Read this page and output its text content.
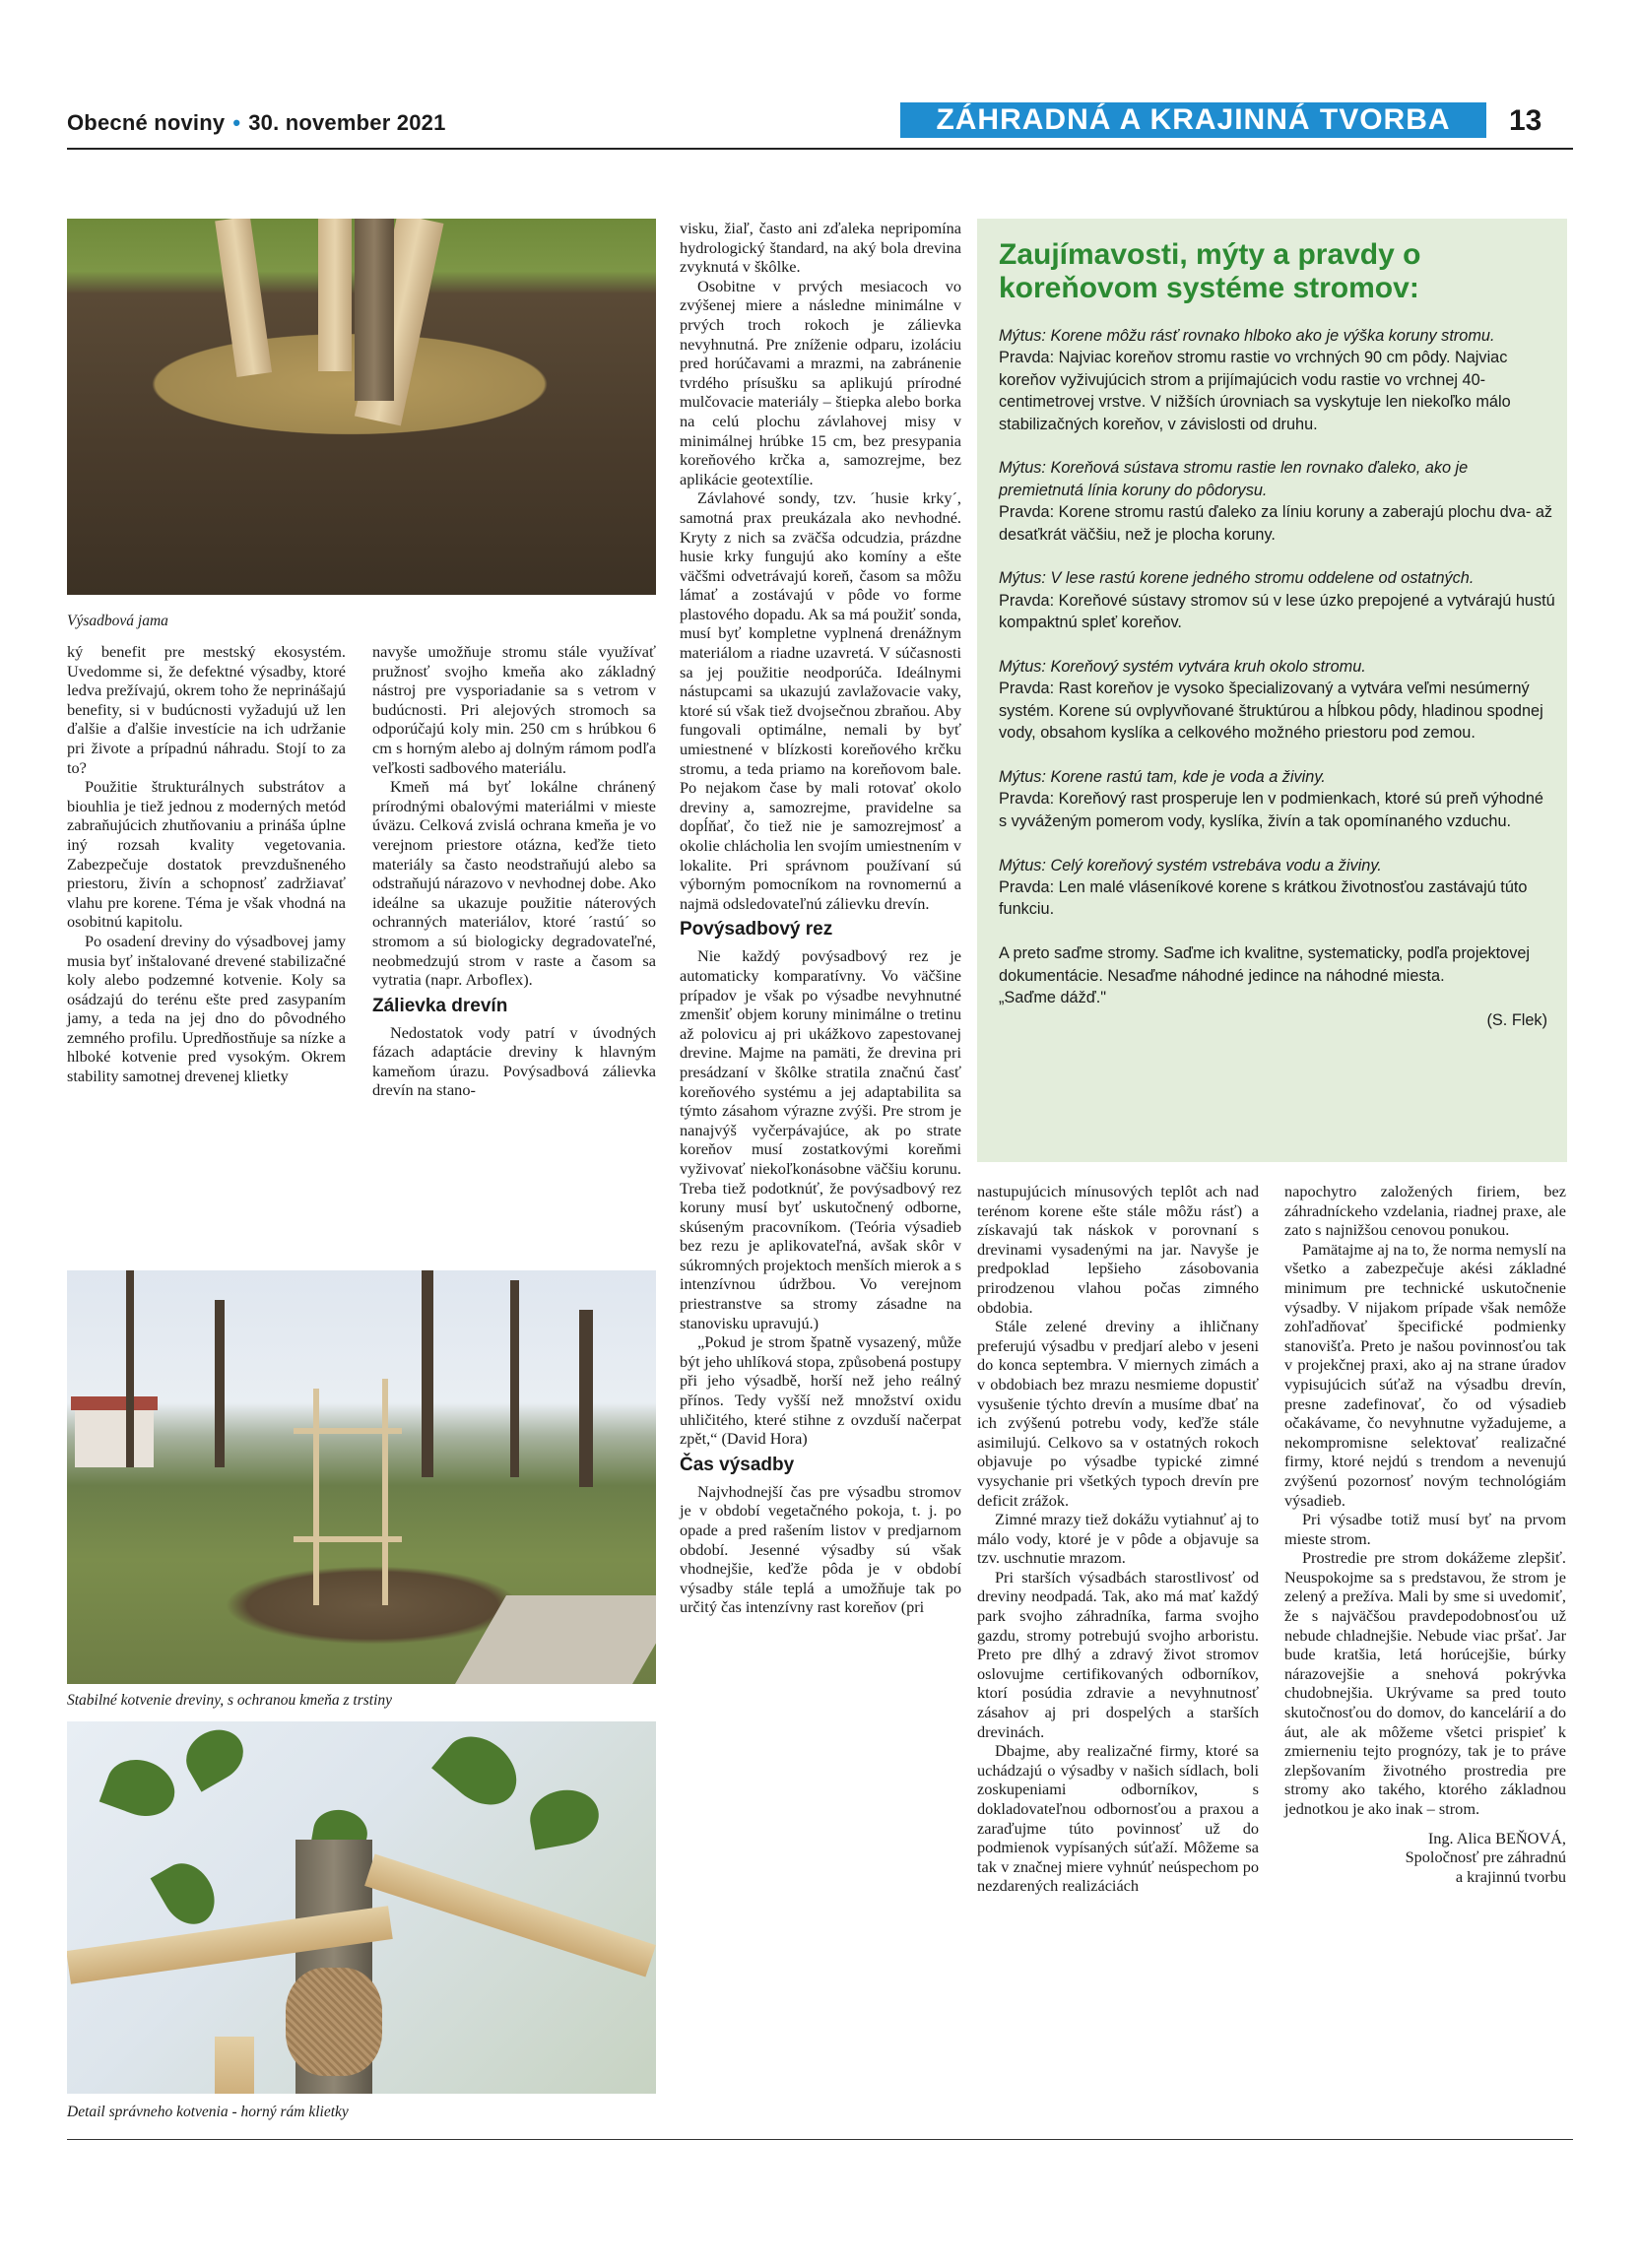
Obecné noviny • 30. november 2021	ZÁHRADNÁ A KRAJINNÁ TVORBA	13
Výsadbová jama

ký benefit pre mestský ekosystém. Uvedomme si, že defektné výsadby, ktoré ledva prežívajú, okrem toho že neprinášajú benefity, si v budúcnosti vyžadujú už len ďalšie a ďalšie investície na ich udržanie pri živote a prípadnú náhradu. Stojí to za to?

Použitie štrukturálnych substrátov a biouhlia je tiež jednou z moderných metód zabraňujúcich zhutňovaniu a prináša úplne iný rozsah kvality vegetovania. Zabezpečuje dostatok prevzdušneného priestoru, živín a schopnosť zadržiavať vlahu pre korene. Téma je však vhodná na osobitnú kapitolu.

Po osadení dreviny do výsadbovej jamy musia byť inštalované drevené stabilizačné koly alebo podzemné kotvenie. Koly sa osádzajú do terénu ešte pred zasypaním jamy, a teda na jej dno do pôvodného zemného profilu. Upredňostňuje sa nízke a hlboké kotvenie pred vysokým. Okrem stability samotnej drevenej klietky

navyše umožňuje stromu stále využívať pružnosť svojho kmeňa ako základný nástroj pre vysporiadanie sa s vetrom v budúcnosti. Pri alejových stromoch sa odporúčajú koly min. 250 cm s hrúbkou 6 cm s horným alebo aj dolným rámom podľa veľkosti sadbového materiálu.

Kmeň má byť lokálne chránený prírodnými obalovými materiálmi v mieste úväzu. Celková zvislá ochrana kmeňa je vo verejnom priestore otázna, keďže tieto materiály sa často neodstraňujú alebo sa odstraňujú nárazovo v nevhodnej dobe. Ako ideálne sa ukazuje použitie náterových ochranných materiálov, ktoré ´rastú´ so stromom a sú biologicky degradovateľné, neobmedzujú strom v raste a časom sa vytratia (napr. Arboflex).

Zálievka drevín

Nedostatok vody patrí v úvodných fázach adaptácie dreviny k hlavným kameňom úrazu. Povýsadbová zálievka drevín na stano-

visku, žiaľ, často ani zďaleka nepripomína hydrologický štandard, na aký bola drevina zvyknutá v škôlke.

Osobitne v prvých mesiacoch vo zvýšenej miere a následne minimálne v prvých troch rokoch je zálievka nevyhnutná. Pre zníženie odparu, izoláciu pred horúčavami a mrazmi, na zabránenie tvrdého prísušku sa aplikujú prírodné mulčovacie materiály – štiepka alebo borka na celú plochu závlahovej misy v minimálnej hrúbke 15 cm, bez presypania koreňového krčka a, samozrejme, bez aplikácie geotextílie.

Závlahové sondy, tzv. ´husie krky´, samotná prax preukázala ako nevhodné. Kryty z nich sa zväčša odcudzia, prázdne husie krky fungujú ako komíny a ešte väčšmi odvetrávajú koreň, časom sa môžu lámať a zostávajú v pôde vo forme plastového dopadu. Ak sa má použiť sonda, musí byť kompletne vyplnená drenážnym materiálom a riadne uzavretá. V súčasnosti sa jej použitie neodporúča. Ideálnymi nástupcami sa ukazujú zavlažovacie vaky, ktoré sú však tiež dvojsečnou zbraňou. Aby fungovali optimálne, nemali by byť umiestnené v blízkosti koreňového krčku stromu, a teda priamo na koreňovom bale. Po nejakom čase by mali rotovať okolo dreviny a, samozrejme, pravidelne sa dopĺňať, čo tiež nie je samozrejmosť a okolie chlácholia len svojím umiestnením v lokalite. Pri správnom používaní sú výborným pomocníkom na rovnomernú a najmä odsledovateľnú zálievku drevín.

Povýsadbový rez

Nie každý povýsadbový rez je automaticky komparatívny. Vo väčšine prípadov je však po výsadbe nevyhnutné zmenšiť objem koruny minimálne o tretinu až polovicu aj pri ukážkovo zapestovanej drevine. Majme na pamäti, že drevina pri presádzaní v škôlke stratila značnú časť koreňového systému a jej adaptabilita sa týmto zásahom výrazne zvýši. Pre strom je nanajvýš vyčerpávajúce, ak po strate koreňov musí zostatkovými koreňmi vyživovať niekoľkonásobne väčšiu korunu. Treba tiež podotknúť, že povýsadbový rez koruny musí byť uskutočnený odborne, skúseným pracovníkom. (Teória výsadieb bez rezu je aplikovateľná, avšak skôr v súkromných projektoch menších mierok a s intenzívnou údržbou. Vo verejnom priestranstve sa stromy zásadne na stanovisku upravujú.)

„Pokud je strom špatně vysazený, může být jeho uhlíková stopa, způsobená postupy při jeho výsadbě, horší než jeho reálný přínos. Tedy vyšší než množství oxidu uhličitého, které stihne z ovzduší načerpat zpět,“ (David Hora)

Čas výsadby

Najvhodnejší čas pre výsadbu stromov je v období vegetačného pokoja, t. j. po opade a pred rašením listov v predjarnom období. Jesenné výsadby sú však vhodnejšie, keďže pôda je v období výsadby stále teplá a umožňuje tak po určitý čas intenzívny rast koreňov (pri

Stabilné kotvenie dreviny, s ochranou kmeňa z trstiny
Detail správneho kotvenia - horný rám klietky
Zaujímavosti, mýty a pravdy o koreňovom systéme stromov:
Mýtus: Korene môžu rásť rovnako hlboko ako je výška koruny stromu.
Pravda: Najviac koreňov stromu rastie vo vrchných 90 cm pôdy. Najviac koreňov vyživujúcich strom a prijímajúcich vodu rastie vo vrchnej 40-centimetrovej vrstve. V nižších úrovniach sa vyskytuje len niekoľko málo stabilizačných koreňov, v závislosti od druhu.
Mýtus: Koreňová sústava stromu rastie len rovnako ďaleko, ako je premietnutá línia koruny do pôdorysu.
Pravda: Korene stromu rastú ďaleko za líniu koruny a zaberajú plochu dva- až desaťkrát väčšiu, než je plocha koruny.
Mýtus: V lese rastú korene jedného stromu oddelene od ostatných.
Pravda: Koreňové sústavy stromov sú v lese úzko prepojené a vytvárajú hustú kompaktnú spleť koreňov.
Mýtus: Koreňový systém vytvára kruh okolo stromu.
Pravda: Rast koreňov je vysoko špecializovaný a vytvára veľmi nesúmerný systém. Korene sú ovplyvňované štruktúrou a hĺbkou pôdy, hladinou spodnej vody, obsahom kyslíka a celkového možného priestoru pod zemou.
Mýtus: Korene rastú tam, kde je voda a živiny.
Pravda: Koreňový rast prosperuje len v podmienkach, ktoré sú preň výhodné s vyváženým pomerom vody, kyslíka, živín a tak opomínaného vzduchu.
Mýtus: Celý koreňový systém vstrebáva vodu a živiny.
Pravda: Len malé vláseníkové korene s krátkou životnosťou zastávajú túto funkciu.
A preto saďme stromy. Saďme ich kvalitne, systematicky, podľa projektovej dokumentácie. Nesaďme náhodné jedince na náhodné miesta.
„Saďme dážď."
(S. Flek)

nastupujúcich mínusových teplôt ach nad terénom korene ešte stále môžu rásť) a získavajú tak náskok v porovnaní s drevinami vysadenými na jar. Navyše je predpoklad lepšieho zásobovania prirodzenou vlahou počas zimného obdobia.

Stále zelené dreviny a ihličnany preferujú výsadbu v predjarí alebo v jeseni do konca septembra. V miernych zimách a v obdobiach bez mrazu nesmieme dopustiť vysušenie týchto drevín a musíme dbať na ich zvýšenú potrebu vody, keďže stále asimilujú. Celkovo sa v ostatných rokoch objavuje po výsadbe typické zimné vysychanie pri všetkých typoch drevín pre deficit zrážok.

Zimné mrazy tiež dokážu vytiahnuť aj to málo vody, ktoré je v pôde a objavuje sa tzv. uschnutie mrazom.

Pri starších výsadbách starostlivosť od dreviny neodpadá. Tak, ako má mať každý park svojho záhradníka, farma svojho gazdu, stromy potrebujú svojho arboristu. Preto pre dlhý a zdravý život stromov oslovujme certifikovaných odborníkov, ktorí posúdia zdravie a nevyhnutnosť zásahov aj pri dospelých a starších drevinách.

Dbajme, aby realizačné firmy, ktoré sa uchádzajú o výsadby v našich sídlach, boli zoskupeniami odborníkov, s dokladovateľnou odbornosťou a praxou a zaraďujme túto povinnosť už do podmienok vypísaných súťaží. Môžeme sa tak v značnej miere vyhnúť neúspechom po nezdarených realizáciách

napochytro založených firiem, bez záhradníckeho vzdelania, riadnej praxe, ale zato s najnižšou cenovou ponukou.

Pamätajme aj na to, že norma nemyslí na všetko a zabezpečuje akési základné minimum pre technické uskutočnenie výsadby. V nijakom prípade však nemôže zohľadňovať špecifické podmienky stanovišťa. Preto je našou povinnosťou tak v projekčnej praxi, ako aj na strane úradov vypisujúcich súťaž na výsadbu drevín, presne zadefinovať, čo od výsadieb očakávame, čo nevyhnutne vyžadujeme, a nekompromisne selektovať realizačné firmy, ktoré nejdú s trendom a nevenujú zvýšenú pozornosť novým technológiám výsadieb.

Pri výsadbe totiž musí byť na prvom mieste strom.

Prostredie pre strom dokážeme zlepšiť. Neuspokojme sa s predstavou, že strom je zelený a prežíva. Mali by sme si uvedomiť, že s najväčšou pravdepodobnosťou už nebude chladnejšie. Nebude viac pršať. Jar bude kratšia, letá horúcejšie, búrky nárazovejšie a snehová pokrývka chudobnejšia. Ukrývame sa pred touto skutočnosťou do domov, do kancelárií a do áut, ale ak môžeme všetci prispieť k zmierneniu tejto prognózy, tak je to práve zlepšovaním životného prostredia pre stromy ako takého, ktorého základnou jednotkou je ako inak – strom.

Ing. Alica BEŇOVÁ,
Spoločnosť pre záhradnú
a krajinnú tvorbu
